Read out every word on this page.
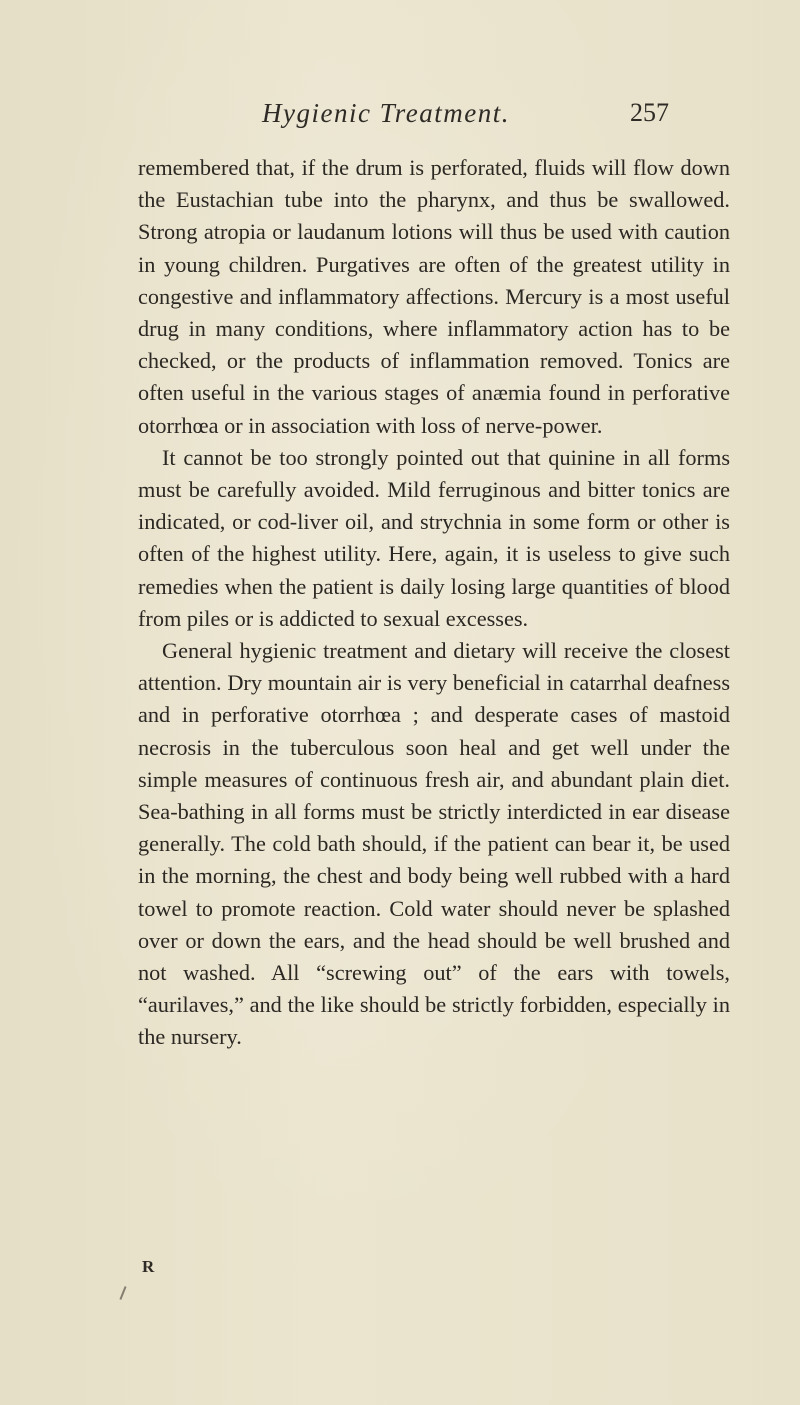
Hygienic Treatment.	257

remembered that, if the drum is perforated, fluids will flow down the Eustachian tube into the pharynx, and thus be swallowed. Strong atropia or laudanum lotions will thus be used with caution in young children. Purgatives are often of the greatest utility in congestive and inflammatory affections. Mercury is a most useful drug in many conditions, where inflammatory action has to be checked, or the products of inflammation removed. Tonics are often useful in the various stages of anæmia found in perforative otorrhœa or in association with loss of nerve-power.

It cannot be too strongly pointed out that quinine in all forms must be carefully avoided. Mild ferruginous and bitter tonics are indicated, or cod-liver oil, and strychnia in some form or other is often of the highest utility. Here, again, it is useless to give such remedies when the patient is daily losing large quantities of blood from piles or is addicted to sexual excesses.

General hygienic treatment and dietary will receive the closest attention. Dry mountain air is very beneficial in catarrhal deafness and in perforative otorrhœa ; and desperate cases of mastoid necrosis in the tuberculous soon heal and get well under the simple measures of continuous fresh air, and abundant plain diet. Sea-bathing in all forms must be strictly interdicted in ear disease generally. The cold bath should, if the patient can bear it, be used in the morning, the chest and body being well rubbed with a hard towel to promote reaction. Cold water should never be splashed over or down the ears, and the head should be well brushed and not washed. All “screwing out” of the ears with towels, “aurilaves,” and the like should be strictly forbidden, especially in the nursery.

R
